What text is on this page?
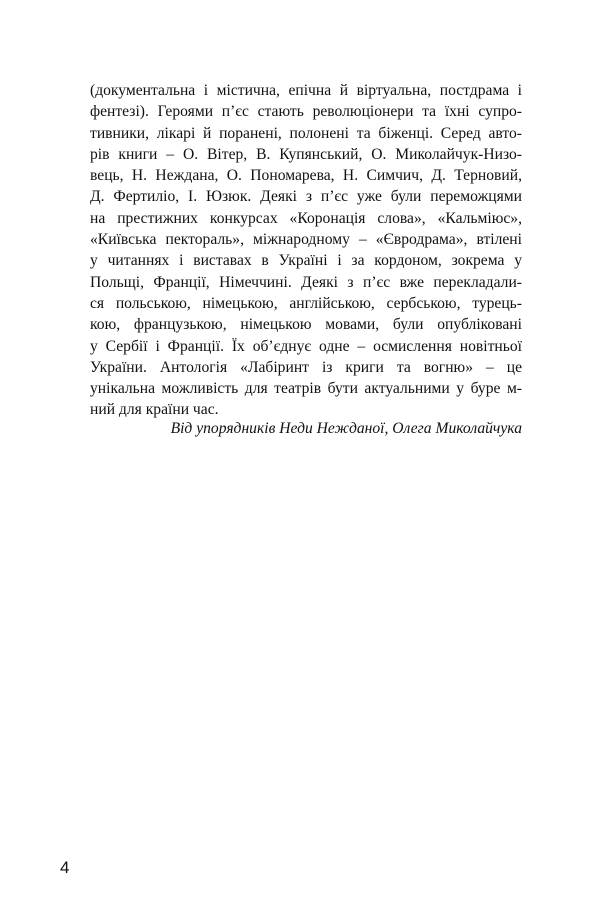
(документальна і містична, епічна й віртуальна, постдрама і
фентезі). Героями п’єс стають революціонери та їхні супро-
тивники, лікарі й поранені, полонені та біженці. Серед авто-
рів книги – О. Вітер, В. Купянський, О. Миколайчук-Низо-
вець, Н. Неждана, О. Пономарева, Н. Симчич, Д. Терновий,
Д. Фертиліо, І. Юзюк. Деякі з п’єс уже були переможцями
на престижних конкурсах «Коронація слова», «Кальміюс»,
«Київська пектораль», міжнародному – «Євродрама», втілені
у читаннях і виставах в Україні і за кордоном, зокрема у
Польщі, Франції, Німеччині. Деякі з п’єс вже перекладали-
ся польською, німецькою, англійською, сербською, турець-
кою, французькою, німецькою мовами, були опубліковані
у Сербії і Франції. Їх об’єднує одне – осмислення новітньої
України. Антологія «Лабіринт із криги та вогню» – це
унікальна можливість для театрів бути актуальними у буре м-
ний для країни час.
Від упорядників Неди Нежданої, Олега Миколайчука
4
